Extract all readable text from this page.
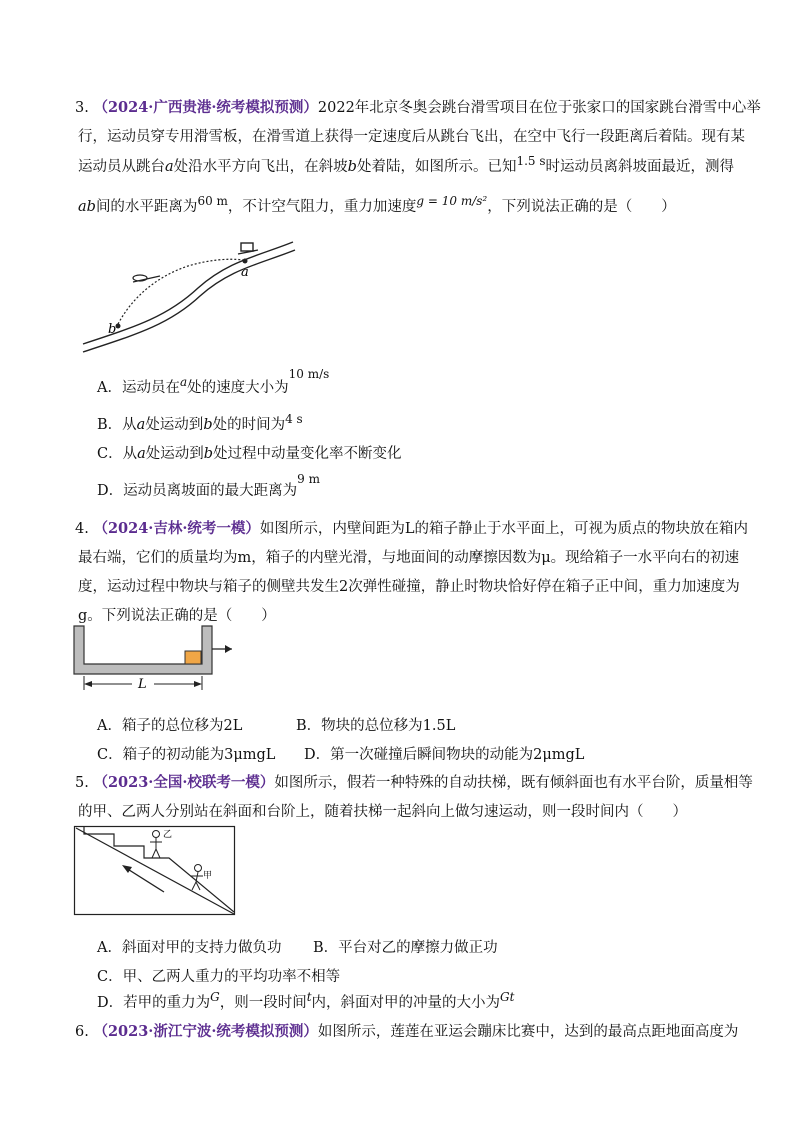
3. （2024·广西贵港·统考模拟预测）2022年北京冬奥会跳台滑雪项目在位于张家口的国家跳台滑雪中心举
行，运动员穿专用滑雪板，在滑雪道上获得一定速度后从跳台飞出，在空中飞行一段距离后着陆。现有某
运动员从跳台a处沿水平方向飞出，在斜坡b处着陆，如图所示。已知$^{1.5 s}$时运动员离斜坡面最近，测得
ab间的水平距离为$^{60 m}$，不计空气阻力，重力加速度$^{g = 10 m/s^2}$，下列说法正确的是（　　）
a
b
A．运动员在$^a$处的速度大小为$^{10 m/s}$
B．从a处运动到b处的时间为$^{4 s}$
C．从a处运动到b处过程中动量变化率不断变化
D．运动员离坡面的最大距离为$^{9 m}$
4. （2024·吉林·统考一模）如图所示，内壁间距为L的箱子静止于水平面上，可视为质点的物块放在箱内
最右端，它们的质量均为m，箱子的内壁光滑，与地面间的动摩擦因数为μ。现给箱子一水平向右的初速
度，运动过程中物块与箱子的侧壁共发生2次弹性碰撞，静止时物块恰好停在箱子正中间，重力加速度为
g。下列说法正确的是（　　）
L
A．箱子的总位移为2L	B．物块的总位移为1.5L
C．箱子的初动能为3μmgL D．第一次碰撞后瞬间物块的动能为2μmgL
5. （2023·全国·校联考一模）如图所示，假若一种特殊的自动扶梯，既有倾斜面也有水平台阶，质量相等
的甲、乙两人分别站在斜面和台阶上，随着扶梯一起斜向上做匀速运动，则一段时间内（　　）
乙
甲
A．斜面对甲的支持力做负功 B．平台对乙的摩擦力做正功
C．甲、乙两人重力的平均功率不相等
D．若甲的重力为$^G$，则一段时间$^t$内，斜面对甲的冲量的大小为$^{Gt}$
6. （2023·浙江宁波·统考模拟预测）如图所示，莲莲在亚运会蹦床比赛中，达到的最高点距地面高度为
